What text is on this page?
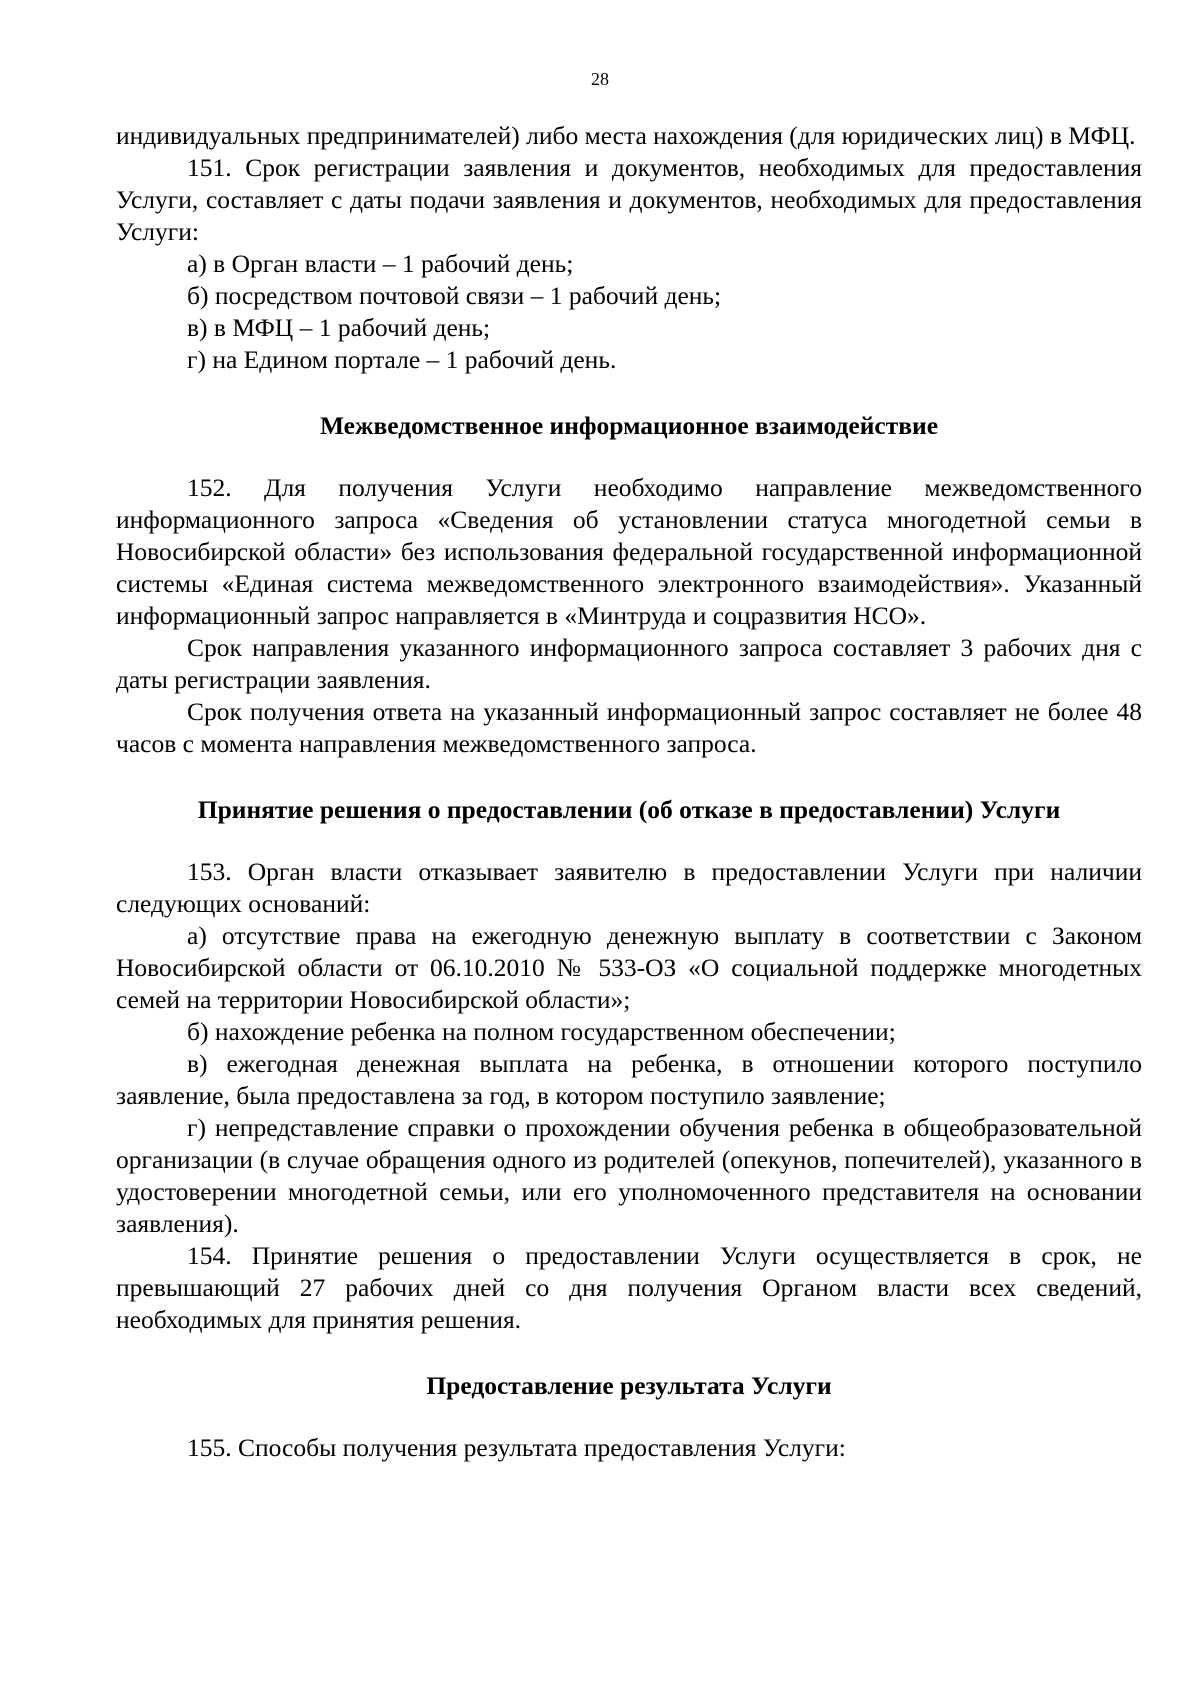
28

индивидуальных предпринимателей) либо места нахождения (для юридических лиц) в МФЦ.

151. Срок регистрации заявления и документов, необходимых для предоставления Услуги, составляет с даты подачи заявления и документов, необходимых для предоставления Услуги:

а) в Орган власти – 1 рабочий день;

б) посредством почтовой связи – 1 рабочий день;

в) в МФЦ – 1 рабочий день;

г) на Едином портале – 1 рабочий день.

Межведомственное информационное взаимодействие

152. Для получения Услуги необходимо направление межведомственного информационного запроса «Сведения об установлении статуса многодетной семьи в Новосибирской области» без использования федеральной государственной информационной системы «Единая система межведомственного электронного взаимодействия». Указанный информационный запрос направляется в «Минтруда и соцразвития НСО».

Срок направления указанного информационного запроса составляет 3 рабочих дня с даты регистрации заявления.

Срок получения ответа на указанный информационный запрос составляет не более 48 часов с момента направления межведомственного запроса.

Принятие решения о предоставлении (об отказе в предоставлении) Услуги

153. Орган власти отказывает заявителю в предоставлении Услуги при наличии следующих оснований:

а) отсутствие права на ежегодную денежную выплату в соответствии с Законом Новосибирской области от 06.10.2010 № 533-ОЗ «О социальной поддержке многодетных семей на территории Новосибирской области»;

б) нахождение ребенка на полном государственном обеспечении;

в) ежегодная денежная выплата на ребенка, в отношении которого поступило заявление, была предоставлена за год, в котором поступило заявление;

г) непредставление справки о прохождении обучения ребенка в общеобразовательной организации (в случае обращения одного из родителей (опекунов, попечителей), указанного в удостоверении многодетной семьи, или его уполномоченного представителя на основании заявления).

154. Принятие решения о предоставлении Услуги осуществляется в срок, не превышающий 27 рабочих дней со дня получения Органом власти всех сведений, необходимых для принятия решения.

Предоставление результата Услуги

155. Способы получения результата предоставления Услуги:
